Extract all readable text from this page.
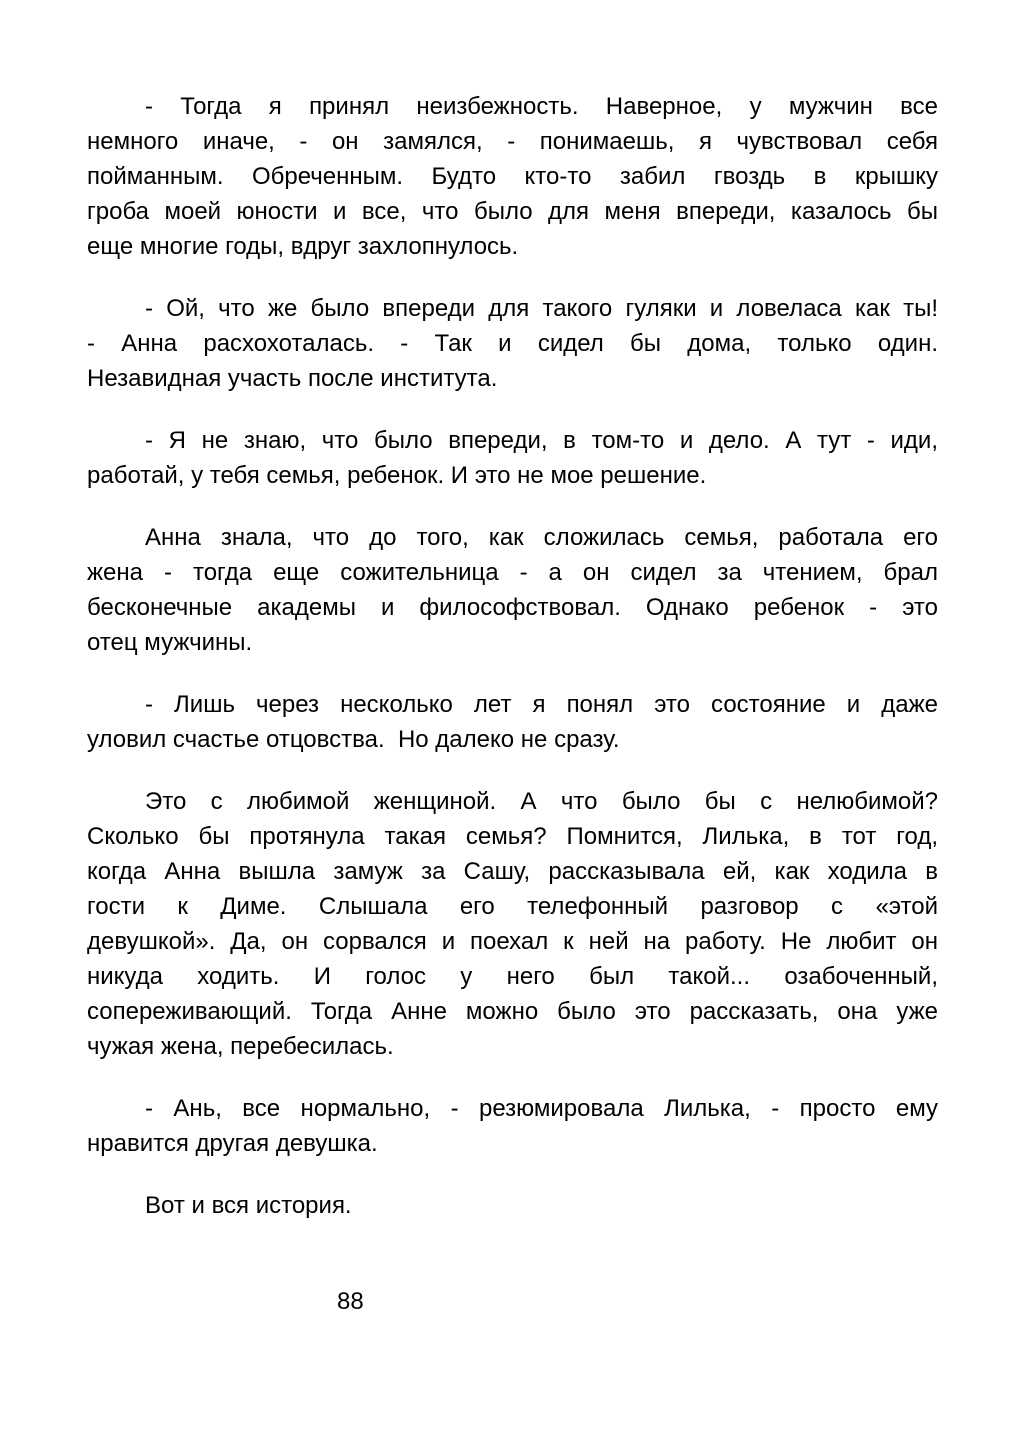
- Тогда я принял неизбежность. Наверное, у мужчин все
немного иначе, - он замялся, - понимаешь, я чувствовал себя
пойманным. Обреченным. Будто кто-то забил гвоздь в крышку
гроба моей юности и все, что было для меня впереди, казалось бы
еще многие годы, вдруг захлопнулось.
- Ой, что же было впереди для такого гуляки и ловеласа как ты!
- Анна расхохоталась. - Так и сидел бы дома, только один.
Незавидная участь после института.
- Я не знаю, что было впереди, в том-то и дело. А тут - иди,
работай, у тебя семья, ребенок. И это не мое решение.
Анна знала, что до того, как сложилась семья, работала его
жена - тогда еще сожительница - а он сидел за чтением, брал
бесконечные академы и философствовал. Однако ребенок - это
отец мужчины.
- Лишь через несколько лет я понял это состояние и даже
уловил счастье отцовства.  Но далеко не сразу.
Это с любимой женщиной. А что было бы с нелюбимой?
Сколько бы протянула такая семья? Помнится, Лилька, в тот год,
когда Анна вышла замуж за Сашу, рассказывала ей, как ходила в
гости к Диме. Слышала его телефонный разговор с «этой
девушкой». Да, он сорвался и поехал к ней на работу. Не любит он
никуда ходить. И голос у него был такой... озабоченный,
сопереживающий. Тогда Анне можно было это рассказать, она уже
чужая жена, перебесилась.
- Ань, все нормально, - резюмировала Лилька, - просто ему
нравится другая девушка.
Вот и вся история.
88
